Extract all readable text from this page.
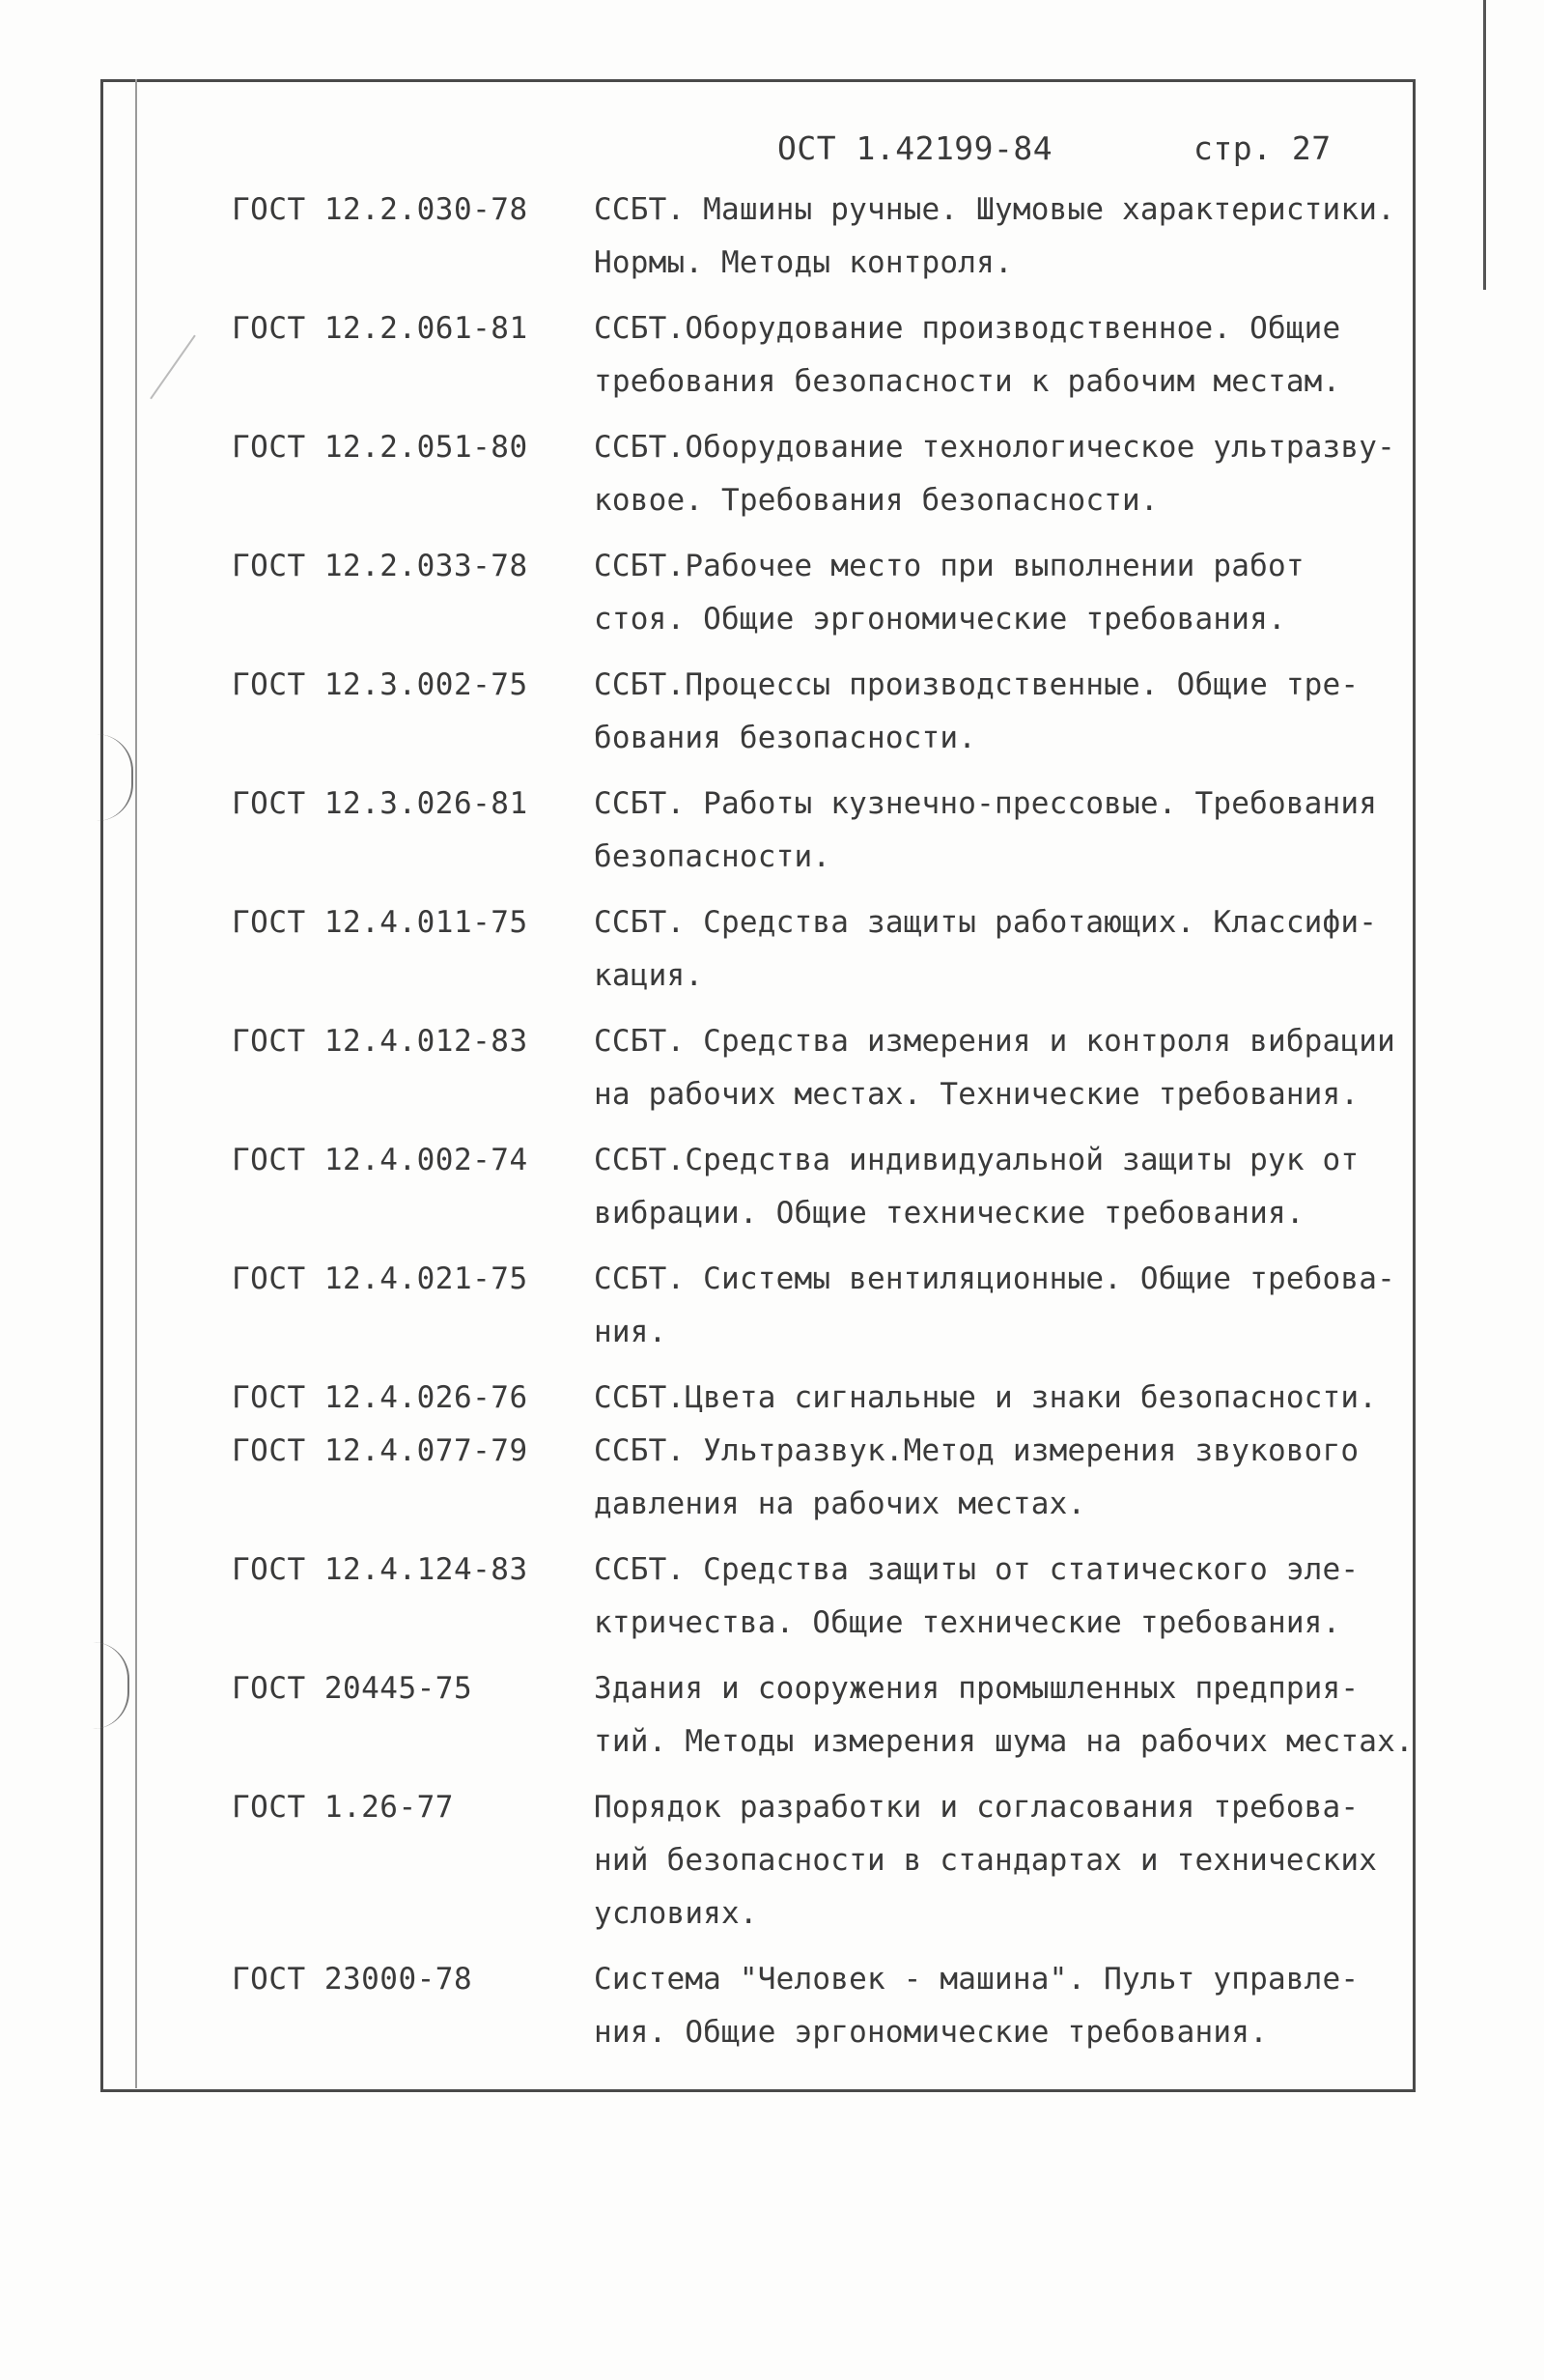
ОСТ 1.42199-84	стр. 27
ГОСТ 12.2.030-78	ССБТ. Машины ручные. Шумовые характеристики.
Нормы. Методы контроля.
ГОСТ 12.2.061-81	ССБТ.Оборудование производственное. Общие
требования безопасности к рабочим местам.
ГОСТ 12.2.051-80	ССБТ.Оборудование технологическое ультразву-
ковое. Требования безопасности.
ГОСТ 12.2.033-78	ССБТ.Рабочее место при выполнении работ
стоя. Общие эргономические требования.
ГОСТ 12.3.002-75	ССБТ.Процессы производственные. Общие тре-
бования безопасности.
ГОСТ 12.3.026-81	ССБТ. Работы кузнечно-прессовые. Требования
безопасности.
ГОСТ 12.4.011-75	ССБТ. Средства защиты работающих. Классифи-
кация.
ГОСТ 12.4.012-83	ССБТ. Средства измерения и контроля вибрации
на рабочих местах. Технические требования.
ГОСТ 12.4.002-74	ССБТ.Средства индивидуальной защиты рук от
вибрации. Общие технические требования.
ГОСТ 12.4.021-75	ССБТ. Системы вентиляционные. Общие требова-
ния.
ГОСТ 12.4.026-76	ССБТ.Цвета сигнальные и знаки безопасности.
ГОСТ 12.4.077-79	ССБТ. Ультразвук.Метод измерения звукового
давления на рабочих местах.
ГОСТ 12.4.124-83	ССБТ. Средства защиты от статического эле-
ктричества. Общие технические требования.
ГОСТ 20445-75	Здания и сооружения промышленных предприя-
тий. Методы измерения шума на рабочих местах.
ГОСТ 1.26-77	Порядок разработки и согласования требова-
ний безопасности в стандартах и технических
условиях.
ГОСТ 23000-78	Система "Человек - машина". Пульт управле-
ния. Общие эргономические требования.
